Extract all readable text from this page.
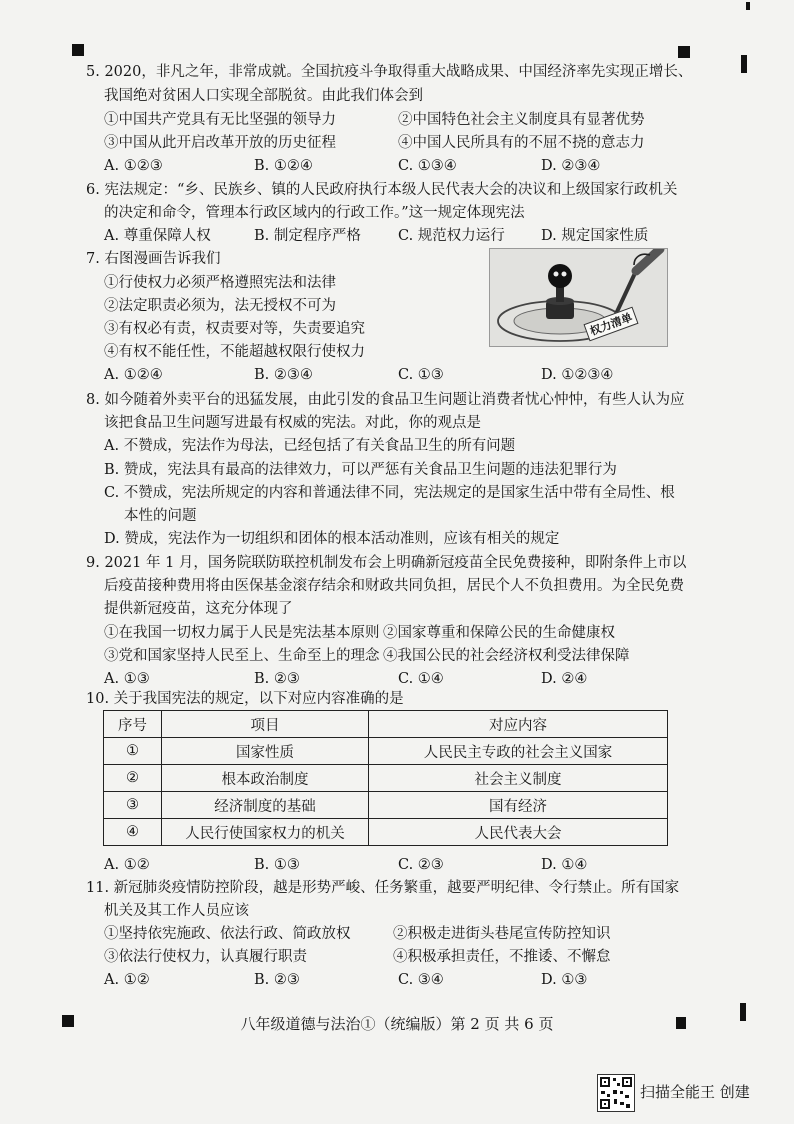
5. 2020，非凡之年，非常成就。全国抗疫斗争取得重大战略成果、中国经济率先实现正增长、
我国绝对贫困人口实现全部脱贫。由此我们体会到
①中国共产党具有无比坚强的领导力
③中国从此开启改革开放的历史征程
②中国特色社会主义制度具有显著优势
④中国人民所具有的不屈不挠的意志力
A. ①②③	B. ①②④	C. ①③④	D. ②③④
6. 宪法规定：“乡、民族乡、镇的人民政府执行本级人民代表大会的决议和上级国家行政机关
的决定和命令，管理本行政区域内的行政工作。”这一规定体现宪法
A. 尊重保障人权	B. 制定程序严格	C. 规范权力运行 D. 规定国家性质
7. 右图漫画告诉我们
①行使权力必须严格遵照宪法和法律
②法定职责必须为，法无授权不可为
③有权必有责，权责要对等，失责要追究
④有权不能任性，不能超越权限行使权力
A. ①②④	B. ②③④	C. ①③	D. ①②③④
权力清单
8. 如今随着外卖平台的迅猛发展，由此引发的食品卫生问题让消费者忧心忡忡，有些人认为应
该把食品卫生问题写进最有权威的宪法。对此，你的观点是
A. 不赞成，宪法作为母法，已经包括了有关食品卫生的所有问题
B. 赞成，宪法具有最高的法律效力，可以严惩有关食品卫生问题的违法犯罪行为
C. 不赞成，宪法所规定的内容和普通法律不同，宪法规定的是国家生活中带有全局性、根
本性的问题
D. 赞成，宪法作为一切组织和团体的根本活动准则，应该有相关的规定
9. 2021 年 1 月，国务院联防联控机制发布会上明确新冠疫苗全民免费接种，即附条件上市以
后疫苗接种费用将由医保基金滚存结余和财政共同负担，居民个人不负担费用。为全民免费
提供新冠疫苗，这充分体现了
①在我国一切权力属于人民是宪法基本原则
③党和国家坚持人民至上、生命至上的理念
②国家尊重和保障公民的生命健康权
④我国公民的社会经济权利受法律保障
A. ①③	B. ②③	C. ①④	D. ②④
10. 关于我国宪法的规定，以下对应内容准确的是
序号	项目	对应内容
①	国家性质	人民民主专政的社会主义国家
②	根本政治制度	社会主义制度
③	经济制度的基础	国有经济
④	人民行使国家权力的机关	人民代表大会
A. ①②	B. ①③	C. ②③	D. ①④
11. 新冠肺炎疫情防控阶段，越是形势严峻、任务繁重，越要严明纪律、令行禁止。所有国家
机关及其工作人员应该
①坚持依宪施政、依法行政、简政放权
③依法行使权力，认真履行职责
②积极走进街头巷尾宣传防控知识
④积极承担责任，不推诿、不懈怠
A. ①②	B. ②③	C. ③④	D. ①③
八年级道德与法治①（统编版）第 2 页 共 6 页
扫描全能王 创建
